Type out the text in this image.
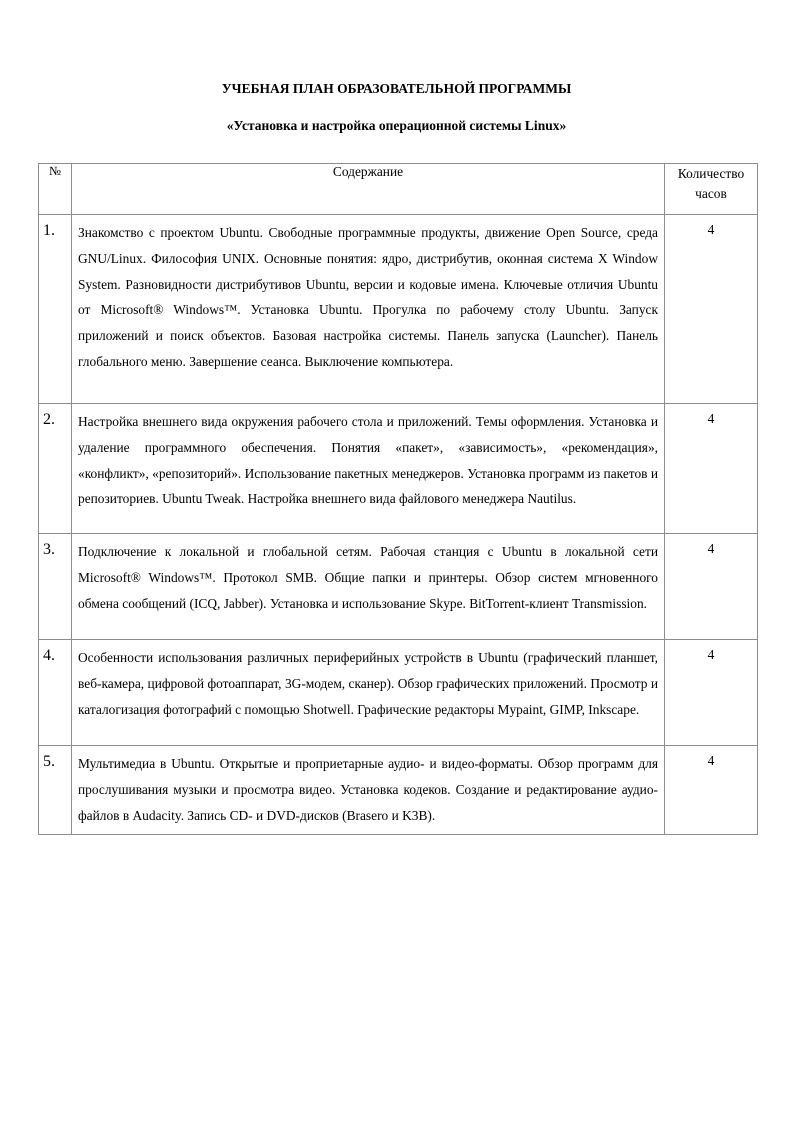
УЧЕБНАЯ ПЛАН ОБРАЗОВАТЕЛЬНОЙ ПРОГРАММЫ
«Установка и настройка операционной системы Linux»
№	Содержание	Количество часов
1.	Знакомство с проектом Ubuntu. Свободные программные продукты, движение Open Source, среда GNU/Linux. Философия UNIX. Основные понятия: ядро, дистрибутив, оконная система X Window System. Разновидности дистрибутивов Ubuntu, версии и кодовые имена. Ключевые отличия Ubuntu от Microsoft® Windows™. Установка Ubuntu. Прогулка по рабочему столу Ubuntu. Запуск приложений и поиск объектов. Базовая настройка системы. Панель запуска (Launcher). Панель глобального меню. Завершение сеанса. Выключение компьютера.	4
2.	Настройка внешнего вида окружения рабочего стола и приложений. Темы оформления. Установка и удаление программного обеспечения. Понятия «пакет», «зависимость», «рекомендация», «конфликт», «репозиторий». Использование пакетных менеджеров. Установка программ из пакетов и репозиториев. Ubuntu Tweak. Настройка внешнего вида файлового менеджера Nautilus.	4
3.	Подключение к локальной и глобальной сетям. Рабочая станция с Ubuntu в локальной сети Microsoft® Windows™. Протокол SMB. Общие папки и принтеры. Обзор систем мгновенного обмена сообщений (ICQ, Jabber). Установка и использование Skype. BitTorrent-клиент Transmission.	4
4.	Особенности использования различных периферийных устройств в Ubuntu (графический планшет, веб-камера, цифровой фотоаппарат, 3G-модем, сканер). Обзор графических приложений. Просмотр и каталогизация фотографий с помощью Shotwell. Графические редакторы Mypaint, GIMP, Inkscape.	4
5.	Мультимедиа в Ubuntu. Открытые и проприетарные аудио- и видео-форматы. Обзор программ для прослушивания музыки и просмотра видео. Установка кодеков. Создание и редактирование аудио-файлов в Audacity. Запись CD- и DVD-дисков (Brasero и K3B).	4
